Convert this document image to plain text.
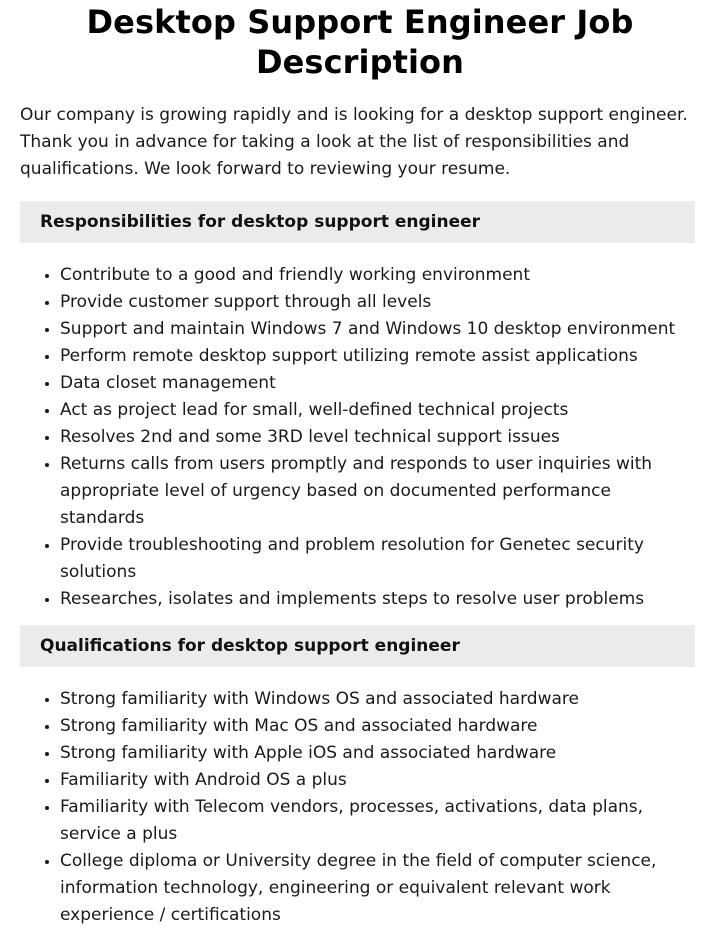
Desktop Support Engineer Job Description

Our company is growing rapidly and is looking for a desktop support engineer. Thank you in advance for taking a look at the list of responsibilities and qualifications. We look forward to reviewing your resume.

Responsibilities for desktop support engineer
• Contribute to a good and friendly working environment
• Provide customer support through all levels
• Support and maintain Windows 7 and Windows 10 desktop environment
• Perform remote desktop support utilizing remote assist applications
• Data closet management
• Act as project lead for small, well-defined technical projects
• Resolves 2nd and some 3RD level technical support issues
• Returns calls from users promptly and responds to user inquiries with appropriate level of urgency based on documented performance standards
• Provide troubleshooting and problem resolution for Genetec security solutions
• Researches, isolates and implements steps to resolve user problems
Qualifications for desktop support engineer
• Strong familiarity with Windows OS and associated hardware
• Strong familiarity with Mac OS and associated hardware
• Strong familiarity with Apple iOS and associated hardware
• Familiarity with Android OS a plus
• Familiarity with Telecom vendors, processes, activations, data plans, service a plus
• College diploma or University degree in the field of computer science, information technology, engineering or equivalent relevant work experience / certifications
